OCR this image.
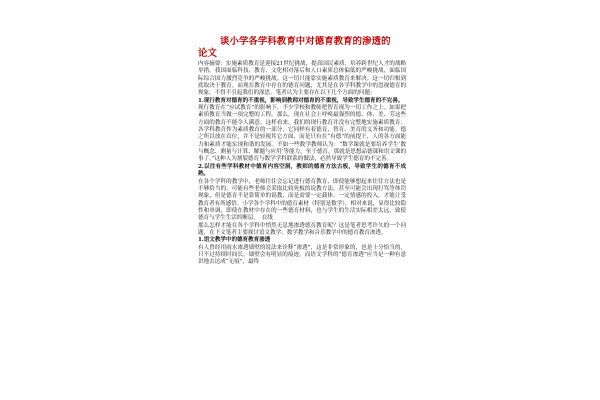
谈小学各学科教育中对德育教育的渗透的
论文

内容摘要：实施素质教育是迎接21世纪挑战，提高国民素质，培养跨世纪人才的战略举措。我国面临科技、教育、文化相对落后和人口素质总体偏低的严峻挑战，面临国际综合国力激烈竞争的严峻挑战。这一切只能靠实施素质教育来解决。这一切归根到底取决于教育。而现在教育中存在的德育问题，尤其是在各学科教学中的忽视德育的现象，不得不引起我们的深思。笔者认为主要存在以下几个方面的问题：

1.现行教育对德育的不重视，影响到教师对德育的不重视，导致学生德育的不完善。

现行教育在“应试教育”的影响下，不少学校和教师把智育视为一切工作之上。如果把素质教育当做一项完整的工程，那么，现在社会上呼唤最强烈的德、体、美、劳这些方面的教育不能令人满意。这样看来，我们的现行教育并没有完整地实施素质教育。各学科教育作为素质教育的一部分，它同样有着德育、智育、美育的义务和功能。德之所以放在首位，并不是轻视其它方面，而是只有在“有德”的前提下，人的各方面能力和素质才能实现和谐的发展。不如一些数学教师认为：“数学课就是要培养学生‘数与概念、测量与计算、解题与应用’等能力，至于德育，那就是思想品德课和语文课的事了。”这种人为割裂德育与数学学科联系的做法，必然导致学生德育的不完善。

2.以往有些学科教材中德育内容空洞，教师的德育方法古板，导致学生的德育不成熟。

在各个学科的教学中，老师往往会忘记进行德育教育，即使能够想起来往往方法也是不够恰当的，可能有些老师会采取比较死板的说教方法，甚至可能会出现打骂等体罚现象，但是德育不是靠简单的说教，而是需要一定载体、一定情感的投入，才能让受教育者有所感悟。小学各个学科中的德育素材（特别是数学），相对来说，显得比较隐性和单调，即使在教材中存在的一些德育材料，也与学生的生活实际相差太远，致使德育与学生生活的断层。　在线

那么怎样才能在各个学科中悄然无息地渗透德育教育呢？这是笔者思考许久的一个问题，在下文笔者主要探讨语文教学、数学教学和音乐教学中的德育教育渗透。

1.语文教学中的德育教育渗透

有人曾经用雨水渗透墙壁的说法来诠释“渗透”，这是非常形象的，也是十分恰当的，只不过持续时间长，墙壁会有明显的痕迹。而语文学科的“德育渗透”应当是一种有意识地去达成“无痕”，最终
